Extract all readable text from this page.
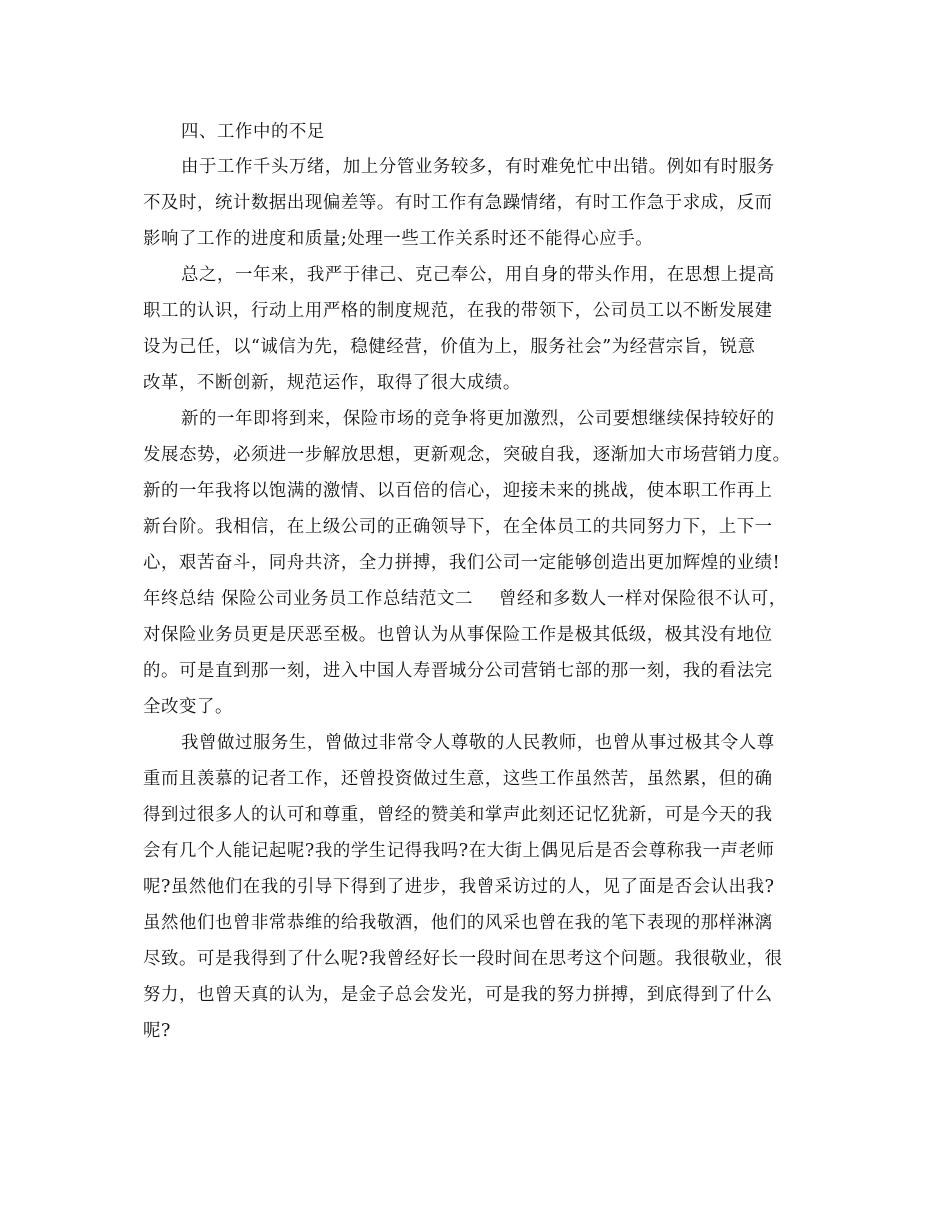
四、工作中的不足
由于工作千头万绪，加上分管业务较多，有时难免忙中出错。例如有时服务
不及时，统计数据出现偏差等。有时工作有急躁情绪，有时工作急于求成，反而
影响了工作的进度和质量;处理一些工作关系时还不能得心应手。
总之，一年来，我严于律己、克己奉公，用自身的带头作用，在思想上提高
职工的认识，行动上用严格的制度规范，在我的带领下，公司员工以不断发展建
设为己任，以“诚信为先，稳健经营，价值为上，服务社会”为经营宗旨，锐意
改革，不断创新，规范运作，取得了很大成绩。
新的一年即将到来，保险市场的竞争将更加激烈，公司要想继续保持较好的
发展态势，必须进一步解放思想，更新观念，突破自我，逐渐加大市场营销力度。
新的一年我将以饱满的激情、以百倍的信心，迎接未来的挑战，使本职工作再上
新台阶。我相信，在上级公司的正确领导下，在全体员工的共同努力下，上下一
心，艰苦奋斗，同舟共济，全力拼搏，我们公司一定能够创造出更加辉煌的业绩!
年终总结 保险公司业务员工作总结范文二 曾经和多数人一样对保险很不认可，
对保险业务员更是厌恶至极。也曾认为从事保险工作是极其低级，极其没有地位
的。可是直到那一刻，进入中国人寿晋城分公司营销七部的那一刻，我的看法完
全改变了。
我曾做过服务生，曾做过非常令人尊敬的人民教师，也曾从事过极其令人尊
重而且羡慕的记者工作，还曾投资做过生意，这些工作虽然苦，虽然累，但的确
得到过很多人的认可和尊重，曾经的赞美和掌声此刻还记忆犹新，可是今天的我
会有几个人能记起呢?我的学生记得我吗?在大街上偶见后是否会尊称我一声老师
呢?虽然他们在我的引导下得到了进步，我曾采访过的人，见了面是否会认出我?
虽然他们也曾非常恭维的给我敬酒，他们的风采也曾在我的笔下表现的那样淋漓
尽致。可是我得到了什么呢?我曾经好长一段时间在思考这个问题。我很敬业，很
努力，也曾天真的认为，是金子总会发光，可是我的努力拼搏，到底得到了什么
呢?
